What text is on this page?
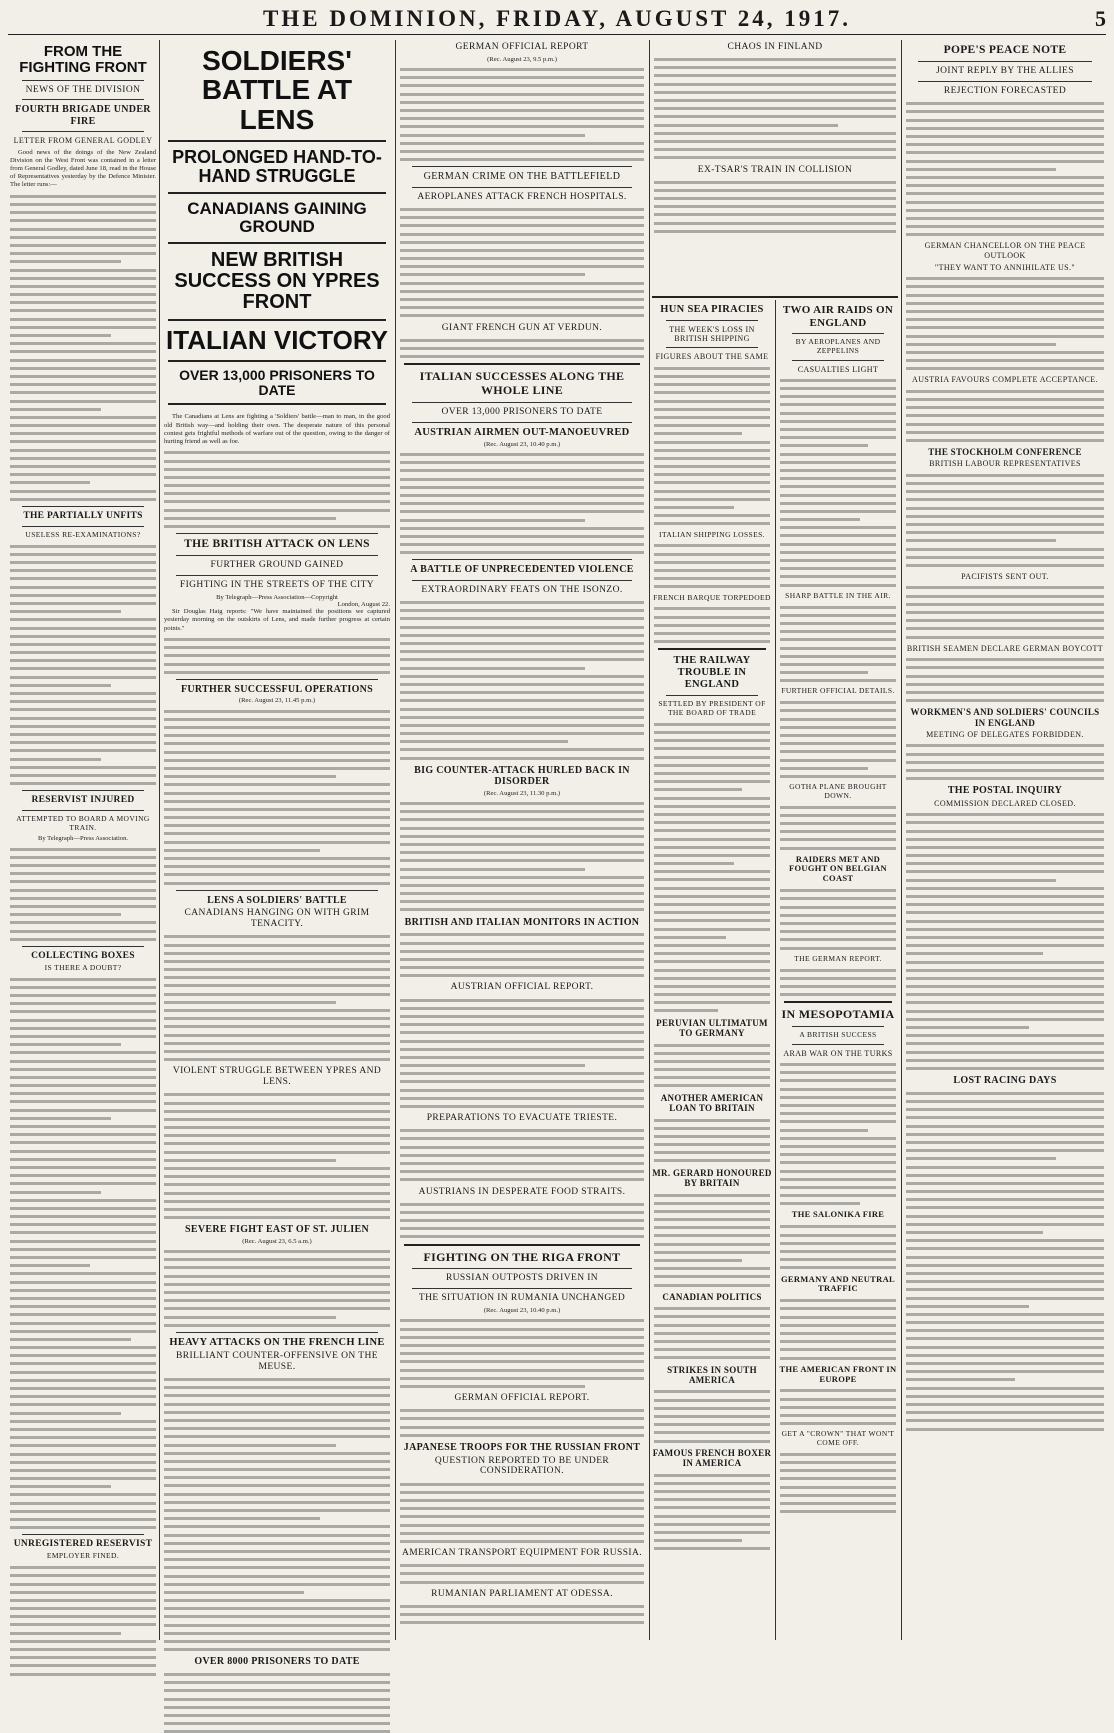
THE DOMINION, FRIDAY, AUGUST 24, 1917.	5
FROM THE FIGHTING FRONT
NEWS OF THE DIVISION
FOURTH BRIGADE UNDER FIRE
LETTER FROM GENERAL GODLEY

Good news of the doings of the New Zealand Division on the West Front was contained in a letter from General Godley, dated June 18, read in the House of Representatives yesterday by the Defence Minister. The letter runs:—

THE PARTIALLY UNFITS
USELESS RE-EXAMINATIONS?
RESERVIST INJURED
ATTEMPTED TO BOARD A MOVING TRAIN.
By Telegraph—Press Association.
COLLECTING BOXES
IS THERE A DOUBT?
UNREGISTERED RESERVIST
EMPLOYER FINED.
SOLDIERS' BATTLE AT LENS
PROLONGED HAND-TO-HAND STRUGGLE
CANADIANS GAINING GROUND
NEW BRITISH SUCCESS ON YPRES FRONT
ITALIAN VICTORY
OVER 13,000 PRISONERS TO DATE

The Canadians at Lens are fighting a 'Soldiers' battle—man to man, in the good old British way—and holding their own. The desperate nature of this personal contest gets frightful methods of warfare out of the question, owing to the danger of hurting friend as well as foe.

THE BRITISH ATTACK ON LENS
FURTHER GROUND GAINED
FIGHTING IN THE STREETS OF THE CITY
By Telegraph—Press Association—Copyright
London, August 22.

Sir Douglas Haig reports: "We have maintained the positions we captured yesterday morning on the outskirts of Lens, and made further progress at certain points."

FURTHER SUCCESSFUL OPERATIONS
(Rec. August 23, 11.45 p.m.)
LENS A SOLDIERS' BATTLE
CANADIANS HANGING ON WITH GRIM TENACITY.
VIOLENT STRUGGLE BETWEEN YPRES AND LENS.
SEVERE FIGHT EAST OF ST. JULIEN
(Rec. August 23, 6.5 a.m.)
HEAVY ATTACKS ON THE FRENCH LINE
BRILLIANT COUNTER-OFFENSIVE ON THE MEUSE.
OVER 8000 PRISONERS TO DATE
GERMAN OFFICIAL REPORT
(Rec. August 23, 9.5 p.m.)
GERMAN CRIME ON THE BATTLEFIELD
AEROPLANES ATTACK FRENCH HOSPITALS.
GIANT FRENCH GUN AT VERDUN.
ITALIAN SUCCESSES ALONG THE WHOLE LINE
OVER 13,000 PRISONERS TO DATE
AUSTRIAN AIRMEN OUT-MANOEUVRED
(Rec. August 23, 10.40 p.m.)
A BATTLE OF UNPRECEDENTED VIOLENCE
EXTRAORDINARY FEATS ON THE ISONZO.
BIG COUNTER-ATTACK HURLED BACK IN DISORDER
(Rec. August 23, 11.30 p.m.)
BRITISH AND ITALIAN MONITORS IN ACTION
AUSTRIAN OFFICIAL REPORT.
PREPARATIONS TO EVACUATE TRIESTE.
AUSTRIANS IN DESPERATE FOOD STRAITS.
FIGHTING ON THE RIGA FRONT
RUSSIAN OUTPOSTS DRIVEN IN
THE SITUATION IN RUMANIA UNCHANGED
(Rec. August 23, 10.40 p.m.)
GERMAN OFFICIAL REPORT.
JAPANESE TROOPS FOR THE RUSSIAN FRONT
QUESTION REPORTED TO BE UNDER CONSIDERATION.
AMERICAN TRANSPORT EQUIPMENT FOR RUSSIA.
RUMANIAN PARLIAMENT AT ODESSA.
CHAOS IN FINLAND
EX-TSAR'S TRAIN IN COLLISION
HUN SEA PIRACIES
THE WEEK'S LOSS IN BRITISH SHIPPING
FIGURES ABOUT THE SAME
ITALIAN SHIPPING LOSSES.
FRENCH BARQUE TORPEDOED
THE RAILWAY TROUBLE IN ENGLAND
SETTLED BY PRESIDENT OF THE BOARD OF TRADE
PERUVIAN ULTIMATUM TO GERMANY
ANOTHER AMERICAN LOAN TO BRITAIN
MR. GERARD HONOURED BY BRITAIN
CANADIAN POLITICS
STRIKES IN SOUTH AMERICA
FAMOUS FRENCH BOXER IN AMERICA
TWO AIR RAIDS ON ENGLAND
BY AEROPLANES AND ZEPPELINS
CASUALTIES LIGHT
SHARP BATTLE IN THE AIR.
FURTHER OFFICIAL DETAILS.
GOTHA PLANE BROUGHT DOWN.
RAIDERS MET AND FOUGHT ON BELGIAN COAST
THE GERMAN REPORT.
IN MESOPOTAMIA
A BRITISH SUCCESS
ARAB WAR ON THE TURKS
THE SALONIKA FIRE
GERMANY AND NEUTRAL TRAFFIC
THE AMERICAN FRONT IN EUROPE
GET A "CROWN" THAT WON'T COME OFF.
POPE'S PEACE NOTE
JOINT REPLY BY THE ALLIES
REJECTION FORECASTED
GERMAN CHANCELLOR ON THE PEACE OUTLOOK
"THEY WANT TO ANNIHILATE US."
AUSTRIA FAVOURS COMPLETE ACCEPTANCE.
THE STOCKHOLM CONFERENCE
BRITISH LABOUR REPRESENTATIVES
PACIFISTS SENT OUT.
BRITISH SEAMEN DECLARE GERMAN BOYCOTT
WORKMEN'S AND SOLDIERS' COUNCILS IN ENGLAND
MEETING OF DELEGATES FORBIDDEN.
THE POSTAL INQUIRY
COMMISSION DECLARED CLOSED.
LOST RACING DAYS
